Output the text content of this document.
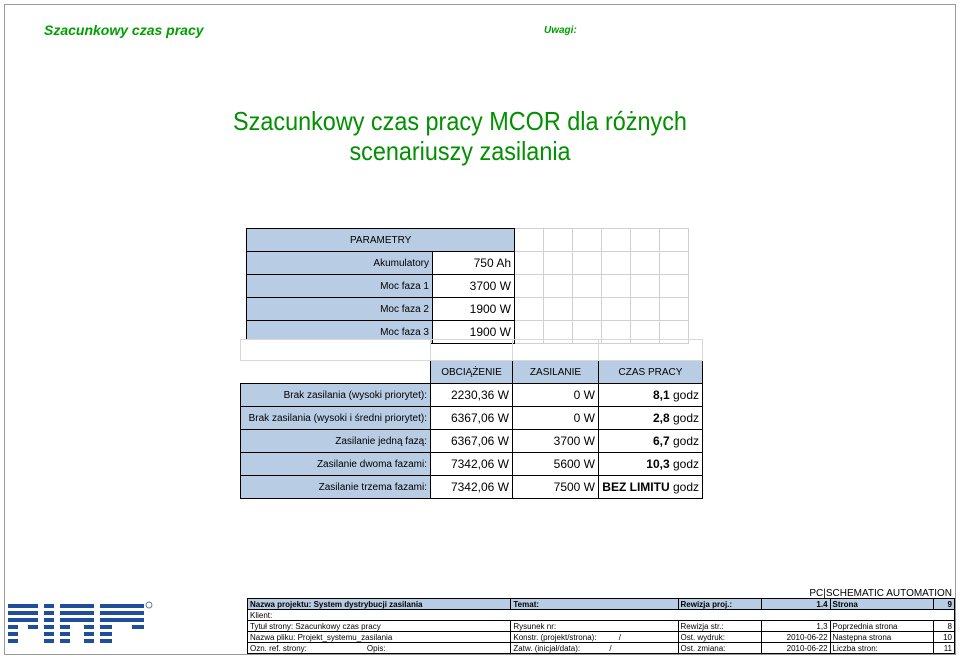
Szacunkowy czas pracy	Uwagi:
Szacunkowy czas pracy MCOR dla różnych
scenariuszy zasilania
PARAMETRY							
Akumulatory	750 Ah						
Moc faza 1	3700 W						
Moc faza 2	1900 W						
Moc faza 3	1900 W						

	OBCIĄŻENIE	ZASILANIE	CZAS PRACY
Brak zasilania (wysoki priorytet):	2230,36 W	0 W	8,1 godz
Brak zasilania (wysoki i średni priorytet):	6367,06 W	0 W	2,8 godz
Zasilanie jedną fazą:	6367,06 W	3700 W	6,7 godz
Zasilanie dwoma fazami:	7342,06 W	5600 W	10,3 godz
Zasilanie trzema fazami:	7342,06 W	7500 W	BEZ LIMITU godz
PC|SCHEMATIC AUTOMATION
Nazwa projektu: System dystrybucji zasilania	Temat:	Rewizja proj.:	1.4	Strona	9
Klient:					
Tytuł strony: Szacunkowy czas pracy	Rysunek nr:	Rewizja str.:	1,3	Poprzednia strona	8
Nazwa pliku: Projekt_systemu_zasilania	Konstr. (projekt/strona): /	Ost. wydruk:	2010-06-22	Następna strona	10
Ozn. ref. strony: Opis:	Zatw. (inicjał/data): /	Ost. zmiana:	2010-06-22	Liczba stron:	11
